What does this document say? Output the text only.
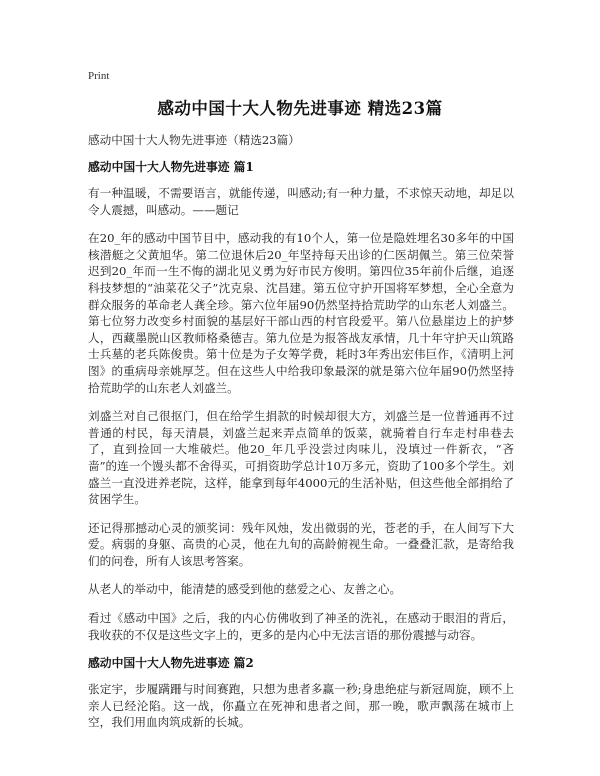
Print
感动中国十大人物先进事迹 精选23篇

感动中国十大人物先进事迹（精选23篇）

感动中国十大人物先进事迹 篇1

有一种温暖，不需要语言，就能传递，叫感动;有一种力量，不求惊天动地，却足以令人震撼，叫感动。——题记

在20_年的感动中国节目中，感动我的有10个人，第一位是隐姓埋名30多年的中国核潜艇之父黄旭华。第二位退休后20_年坚持每天出诊的仁医胡佩兰。第三位荣誉迟到20_年而一生不悔的湖北见义勇为好市民方俊明。第四位35年前仆后继，追逐科技梦想的“油菜花父子”沈克泉、沈昌建。第五位守护开国将军梦想，全心全意为群众服务的革命老人龚全珍。第六位年届90仍然坚持拾荒助学的山东老人刘盛兰。第七位努力改变乡村面貌的基层好干部山西的村官段爱平。第八位悬崖边上的护梦人，西藏墨脱山区教师格桑德吉。第九位是为报答战友承情，几十年守护天山筑路士兵墓的老兵陈俊贵。第十位是为子女筹学费，耗时3年秀出宏伟巨作，《清明上河图》的重病母亲姚厚芝。但在这些人中给我印象最深的就是第六位年届90仍然坚持拾荒助学的山东老人刘盛兰。

刘盛兰对自己很抠门，但在给学生捐款的时候却很大方，刘盛兰是一位普通再不过普通的村民，每天清晨，刘盛兰起来弄点简单的饭菜，就骑着自行车走村串巷去了，直到捡回一大堆破烂。他20_年几乎没尝过肉味儿，没填过一件新衣，“吝啬”的连一个馒头都不舍得买，可捐资助学总计10万多元，资助了100多个学生。刘盛兰一直没进养老院，这样，能拿到每年4000元的生活补贴，但这些他全部捐给了贫困学生。

还记得那撼动心灵的颁奖词：残年风烛，发出微弱的光，苍老的手，在人间写下大爱。病弱的身躯、高贵的心灵，他在九旬的高龄俯视生命。一叠叠汇款，是寄给我们的问卷，所有人该思考答案。

从老人的举动中，能清楚的感受到他的慈爱之心、友善之心。

看过《感动中国》之后，我的内心仿佛收到了神圣的洗礼，在感动于眼泪的背后，我收获的不仅是这些文字上的，更多的是内心中无法言语的那份震撼与动容。

感动中国十大人物先进事迹 篇2

张定宇，步履蹒跚与时间赛跑，只想为患者多赢一秒;身患绝症与新冠周旋，顾不上亲人已经沦陷。这一战，你矗立在死神和患者之间，那一晚，歌声飘荡在城市上空，我们用血肉筑成新的长城。
